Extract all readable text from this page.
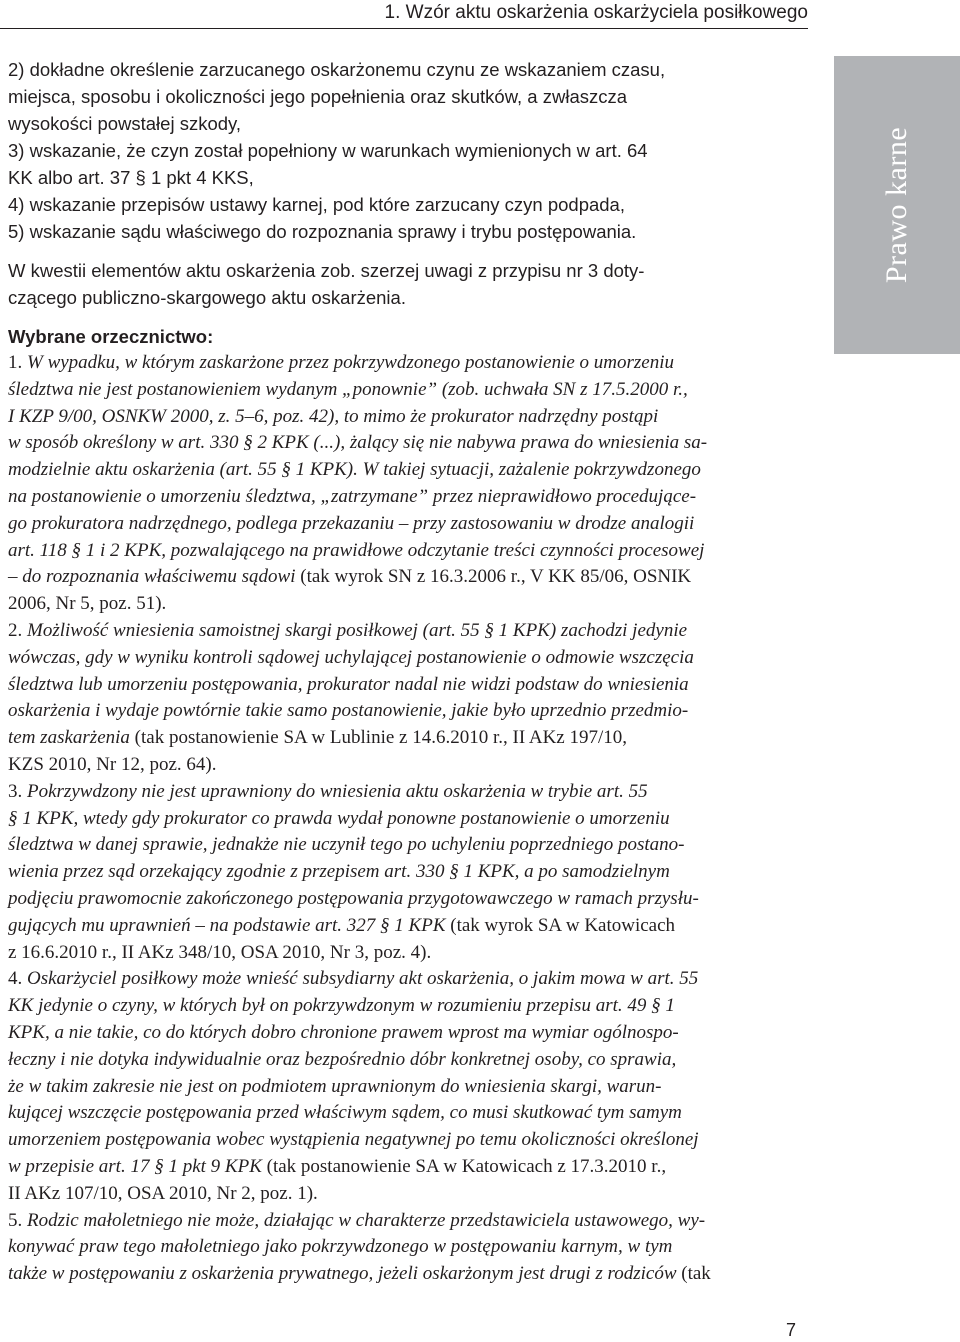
1. Wzór aktu oskarżenia oskarżyciela posiłkowego
Prawo karne

2) dokładne określenie zarzucanego oskarżonemu czynu ze wskazaniem czasu,

miejsca, sposobu i okoliczności jego popełnienia oraz skutków, a zwłaszcza

wysokości powstałej szkody,

3) wskazanie, że czyn został popełniony w warunkach wymienionych w art. 64

KK albo art. 37 § 1 pkt 4 KKS,

4) wskazanie przepisów ustawy karnej, pod które zarzucany czyn podpada,

5) wskazanie sądu właściwego do rozpoznania sprawy i trybu postępowania.

W kwestii elementów aktu oskarżenia zob. szerzej uwagi z przypisu nr 3 doty-

czącego publiczno-skargowego aktu oskarżenia.

Wybrane orzecznictwo:

1. W wypadku, w którym zaskarżone przez pokrzywdzonego postanowienie o umorzeniu

śledztwa nie jest postanowieniem wydanym „ponownie” (zob. uchwała SN z 17.5.2000 r.,

I KZP 9/00, OSNKW 2000, z. 5–6, poz. 42), to mimo że prokurator nadrzędny postąpi

w sposób określony w art. 330 § 2 KPK (...), żalący się nie nabywa prawa do wniesienia sa-

modzielnie aktu oskarżenia (art. 55 § 1 KPK). W takiej sytuacji, zażalenie pokrzywdzonego

na postanowienie o umorzeniu śledztwa, „zatrzymane” przez nieprawidłowo procedujące-

go prokuratora nadrzędnego, podlega przekazaniu – przy zastosowaniu w drodze analogii

art. 118 § 1 i 2 KPK, pozwalającego na prawidłowe odczytanie treści czynności procesowej

– do rozpoznania właściwemu sądowi (tak wyrok SN z 16.3.2006 r., V KK 85/06, OSNIK

2006, Nr 5, poz. 51).

2. Możliwość wniesienia samoistnej skargi posiłkowej (art. 55 § 1 KPK) zachodzi jedynie

wówczas, gdy w wyniku kontroli sądowej uchylającej postanowienie o odmowie wszczęcia

śledztwa lub umorzeniu postępowania, prokurator nadal nie widzi podstaw do wniesienia

oskarżenia i wydaje powtórnie takie samo postanowienie, jakie było uprzednio przedmio-

tem zaskarżenia (tak postanowienie SA w Lublinie z 14.6.2010 r., II AKz 197/10,

KZS 2010, Nr 12, poz. 64).

3. Pokrzywdzony nie jest uprawniony do wniesienia aktu oskarżenia w trybie art. 55

§ 1 KPK, wtedy gdy prokurator co prawda wydał ponowne postanowienie o umorzeniu

śledztwa w danej sprawie, jednakże nie uczynił tego po uchyleniu poprzedniego postano-

wienia przez sąd orzekający zgodnie z przepisem art. 330 § 1 KPK, a po samodzielnym

podjęciu prawomocnie zakończonego postępowania przygotowawczego w ramach przysłu-

gujących mu uprawnień – na podstawie art. 327 § 1 KPK (tak wyrok SA w Katowicach

z 16.6.2010 r., II AKz 348/10, OSA 2010, Nr 3, poz. 4).

4. Oskarżyciel posiłkowy może wnieść subsydiarny akt oskarżenia, o jakim mowa w art. 55

KK jedynie o czyny, w których był on pokrzywdzonym w rozumieniu przepisu art. 49 § 1

KPK, a nie takie, co do których dobro chronione prawem wprost ma wymiar ogólnospo-

łeczny i nie dotyka indywidualnie oraz bezpośrednio dóbr konkretnej osoby, co sprawia,

że w takim zakresie nie jest on podmiotem uprawnionym do wniesienia skargi, warun-

kującej wszczęcie postępowania przed właściwym sądem, co musi skutkować tym samym

umorzeniem postępowania wobec wystąpienia negatywnej po temu okoliczności określonej

w przepisie art. 17 § 1 pkt 9 KPK (tak postanowienie SA w Katowicach z 17.3.2010 r.,

II AKz 107/10, OSA 2010, Nr 2, poz. 1).

5. Rodzic małoletniego nie może, działając w charakterze przedstawiciela ustawowego, wy-

konywać praw tego małoletniego jako pokrzywdzonego w postępowaniu karnym, w tym

także w postępowaniu z oskarżenia prywatnego, jeżeli oskarżonym jest drugi z rodziców (tak

7
